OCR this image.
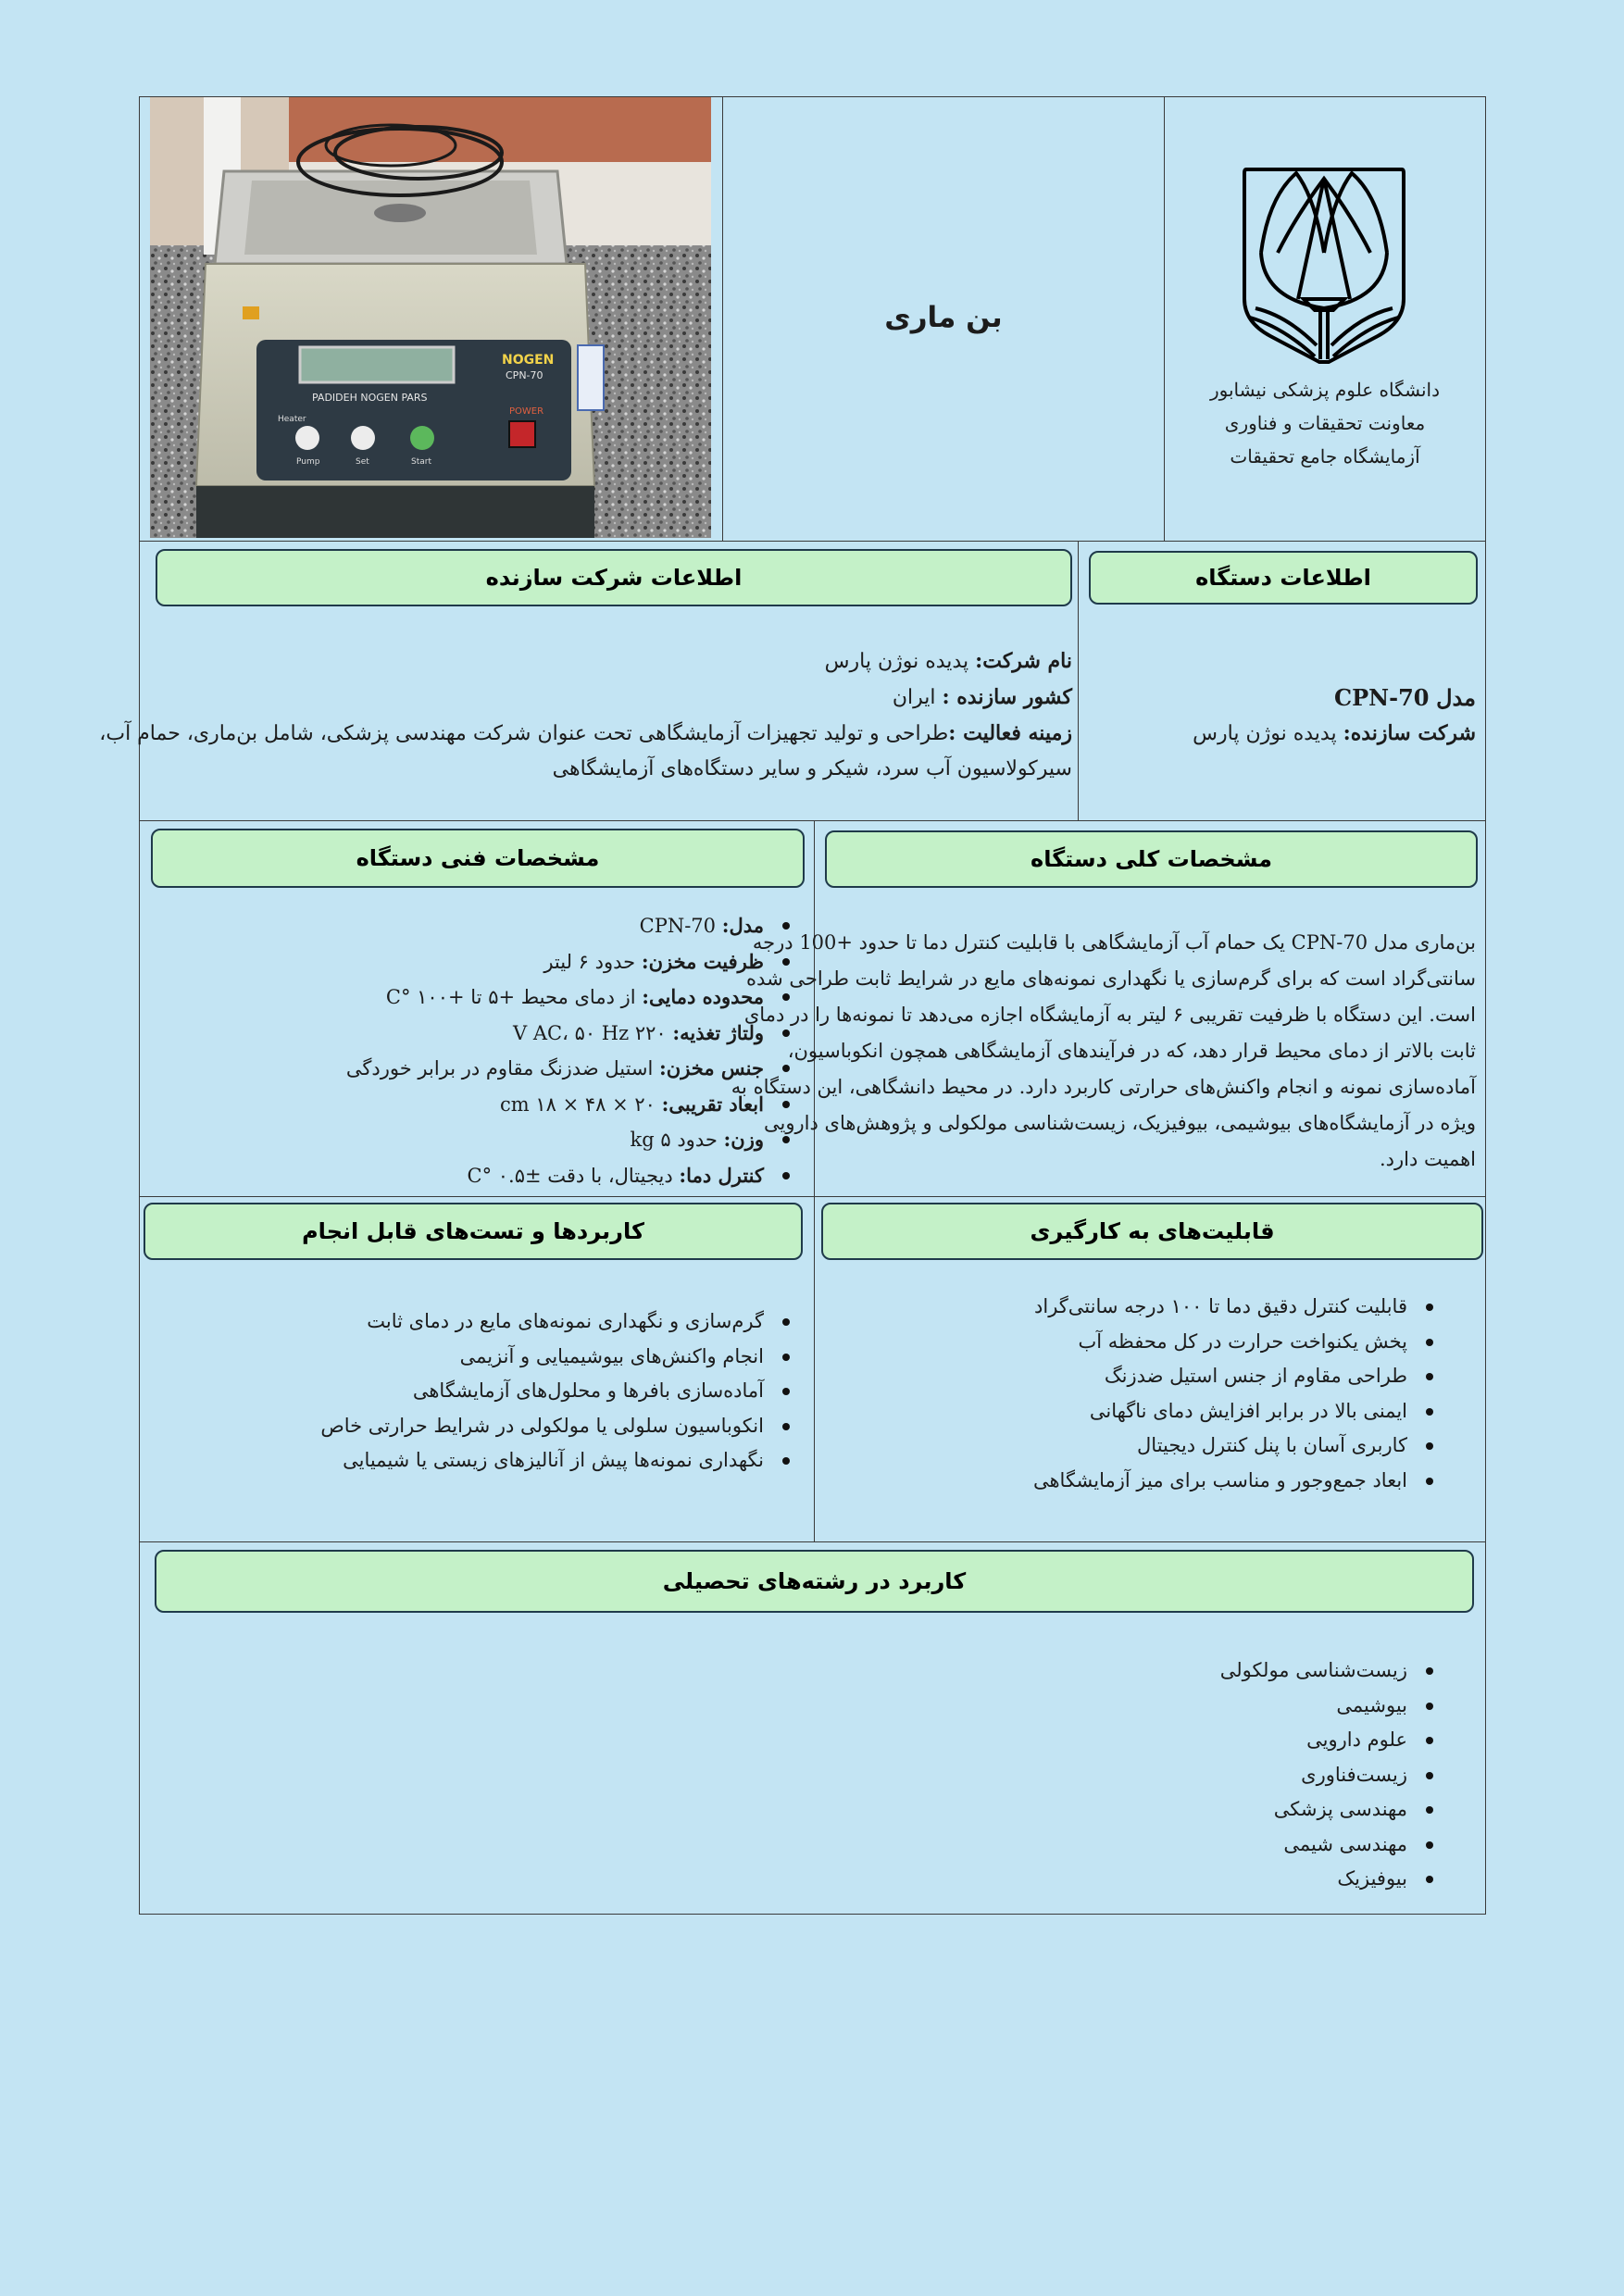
دانشگاه علوم پزشکی نیشابور
معاونت تحقیقات و فناوری
آزمایشگاه جامع تحقیقات
بن ماری
NOGEN
CPN-70
PADIDEH NOGEN PARS
POWER
Heater
Pump	Set	Start
اطلاعات دستگاه
مدل CPN-70
شرکت سازنده: پدیده نوژن پارس
اطلاعات شرکت سازنده
نام شرکت: پدیده نوژن پارس
کشور سازنده : ایران
زمینه فعالیت :طراحی و تولید تجهیزات آزمایشگاهی تحت عنوان شرکت مهندسی پزشکی، شامل بن‌ماری، حمام آب،
سیرکولاسیون آب سرد، شیکر و سایر دستگاه‌های آزمایشگاهی
مشخصات کلی دستگاه
بن‌ماری مدل CPN-70 یک حمام آب آزمایشگاهی با قابلیت کنترل دما تا حدود +100 درجه
سانتی‌گراد است که برای گرم‌سازی یا نگهداری نمونه‌های مایع در شرایط ثابت طراحی شده
است. این دستگاه با ظرفیت تقریبی ۶ لیتر به آزمایشگاه اجازه می‌دهد تا نمونه‌ها را در دمای
ثابت بالاتر از دمای محیط قرار دهد، که در فرآیندهای آزمایشگاهی همچون انکوباسیون،
آماده‌سازی نمونه و انجام واکنش‌های حرارتی کاربرد دارد. در محیط دانشگاهی، این دستگاه به
ویژه در آزمایشگاه‌های بیوشیمی، بیوفیزیک، زیست‌شناسی مولکولی و پژوهش‌های دارویی
اهمیت دارد.
مشخصات فنی دستگاه
مدل: CPN-70
ظرفیت مخزن: حدود ۶ لیتر
محدوده دمایی: از دمای محیط +۵ تا +۱۰۰ °C
ولتاژ تغذیه: ۲۲۰ V AC، ۵۰ Hz
جنس مخزن: استیل ضدزنگ مقاوم در برابر خوردگی
ابعاد تقریبی: ۲۰ × ۴۸ × ۱۸ cm
وزن: حدود ۵ kg
کنترل دما: دیجیتال، با دقت ±۰.۵ °C
قابلیت‌های به کارگیری
قابلیت کنترل دقیق دما تا ۱۰۰ درجه سانتی‌گراد
پخش یکنواخت حرارت در کل محفظه آب
طراحی مقاوم از جنس استیل ضدزنگ
ایمنی بالا در برابر افزایش دمای ناگهانی
کاربری آسان با پنل کنترل دیجیتال
ابعاد جمع‌وجور و مناسب برای میز آزمایشگاهی
کاربردها و تست‌های قابل انجام
گرم‌سازی و نگهداری نمونه‌های مایع در دمای ثابت
انجام واکنش‌های بیوشیمیایی و آنزیمی
آماده‌سازی بافرها و محلول‌های آزمایشگاهی
انکوباسیون سلولی یا مولکولی در شرایط حرارتی خاص
نگهداری نمونه‌ها پیش از آنالیزهای زیستی یا شیمیایی
کاربرد در رشته‌های تحصیلی
زیست‌شناسی مولکولی
بیوشیمی
علوم دارویی
زیست‌فناوری
مهندسی پزشکی
مهندسی شیمی
بیوفیزیک
